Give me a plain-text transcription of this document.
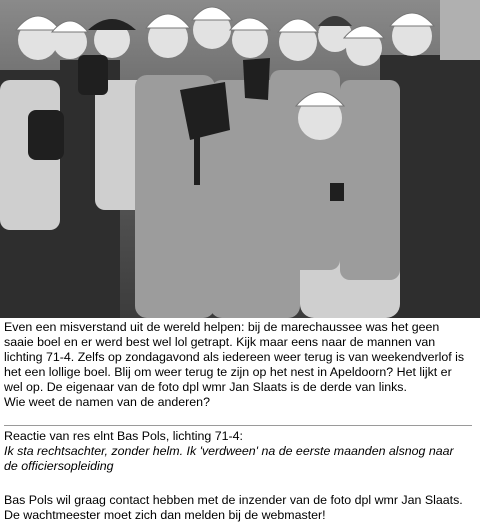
Even een misverstand uit de wereld helpen: bij de marechaussee was het geen

saaie boel en er werd best wel lol getrapt. Kijk maar eens naar de mannen van

lichting 71-4. Zelfs op zondagavond als iedereen weer terug is van weekendverlof is

het een lollige boel. Blij om weer terug te zijn op het nest in Apeldoorn? Het lijkt er

wel op. De eigenaar van de foto dpl wmr Jan Slaats is de derde van links.

Wie weet de namen van de anderen?

Reactie van res elnt Bas Pols, lichting 71-4:

Ik sta rechtsachter, zonder helm. Ik 'verdween' na de eerste maanden alsnog naar

de officiersopleiding

Bas Pols wil graag contact hebben met de inzender van de foto dpl wmr Jan Slaats.

De wachtmeester moet zich dan melden bij de webmaster!
